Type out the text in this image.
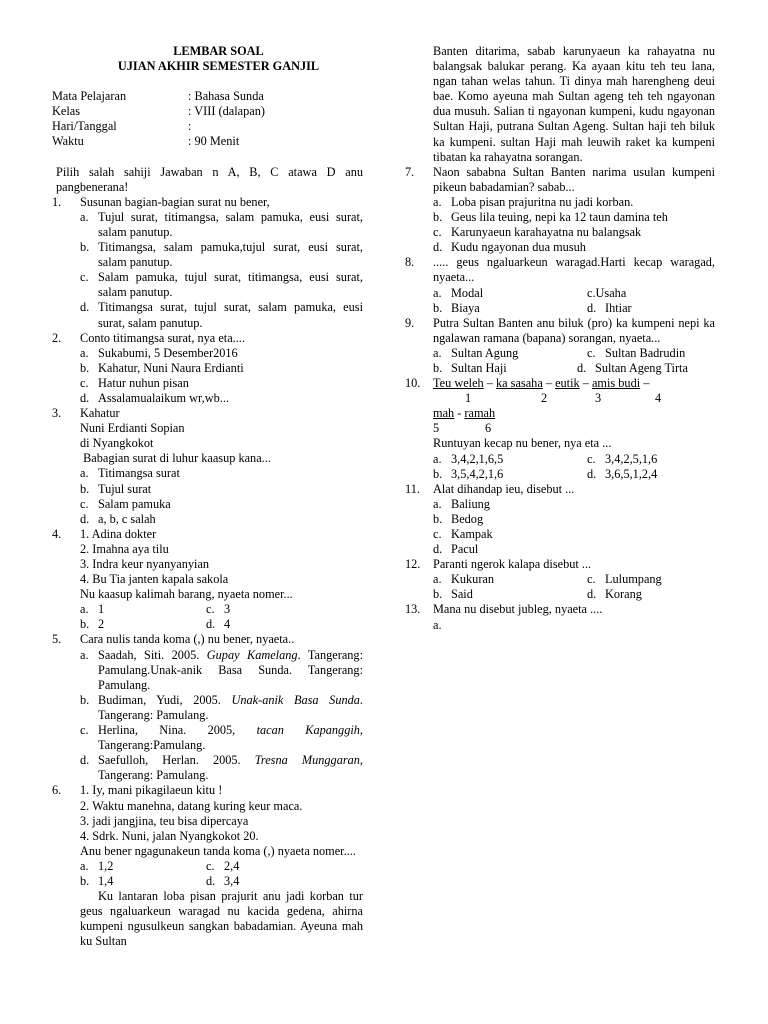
LEMBAR SOAL
UJIAN AKHIR SEMESTER GANJIL
Mata Pelajaran	: Bahasa Sunda
Kelas	: VIII (dalapan)
Hari/Tanggal	:
Waktu	: 90 Menit
Pilih salah sahiji Jawaban n A, B, C atawa D anu pangbenerana!
1.	Susunan bagian-bagian surat nu bener,
a. Tujul surat, titimangsa, salam pamuka, eusi surat, salam panutup.
b. Titimangsa, salam pamuka,tujul surat, eusi surat, salam panutup.
c. Salam pamuka, tujul surat, titimangsa, eusi surat, salam panutup.
d. Titimangsa surat, tujul surat, salam pamuka, eusi surat, salam panutup.
2.	Conto titimangsa surat, nya eta....
a. Sukabumi, 5 Desember2016
b. Kahatur, Nuni Naura Erdianti
c. Hatur nuhun pisan
d. Assalamualaikum wr,wb...
3.	Kahatur
Nuni Erdianti Sopian
di Nyangkokot
Babagian surat di luhur kaasup kana...
a. Titimangsa surat
b. Tujul surat
c. Salam pamuka
d. a, b, c salah
4.	1. Adina dokter
2. Imahna aya tilu
3. Indra keur nyanyanyian
4. Bu Tia janten kapala sakola
Nu kaasup kalimah barang, nyaeta nomer...
a. 1	c. 3
b. 2	d. 4
5.	Cara nulis tanda koma (,) nu bener, nyaeta..
a. Saadah, Siti. 2005. Gupay Kamelang. Tangerang: Pamulang.Unak-anik Basa Sunda. Tangerang: Pamulang.
b. Budiman, Yudi, 2005. Unak-anik Basa Sunda. Tangerang: Pamulang.
c. Herlina, Nina. 2005, tacan Kapanggih, Tangerang:Pamulang.
d. Saefulloh, Herlan. 2005. Tresna Munggaran, Tangerang: Pamulang.
6.	1. Iy, mani pikagilaeun kitu !
2. Waktu manehna, datang kuring keur maca.
3. jadi jangjina, teu bisa dipercaya
4. Sdrk. Nuni, jalan Nyangkokot 20.
Anu bener ngagunakeun tanda koma (,) nyaeta nomer....
a. 1,2	c. 2,4
b. 1,4	d. 3,4
Ku lantaran loba pisan prajurit anu jadi korban tur geus ngaluarkeun waragad nu kacida gedena, ahirna kumpeni ngusulkeun sangkan babadamian. Ayeuna mah ku Sultan
Banten ditarima, sabab karunyaeun ka rahayatna nu balangsak balukar perang. Ka ayaan kitu teh teu lana, ngan tahan welas tahun. Ti dinya mah harengheng deui bae. Komo ayeuna mah Sultan ageng teh teh ngayonan dua musuh. Salian ti ngayonan kumpeni, kudu ngayonan Sultan Haji, putrana Sultan Ageng. Sultan haji teh biluk ka kumpeni. sultan Haji mah leuwih raket ka kumpeni tibatan ka rahayatna sorangan.
7.	Naon sababna Sultan Banten narima usulan kumpeni pikeun babadamian? sabab...
a. Loba pisan prajuritna nu jadi korban.
b. Geus lila teuing, nepi ka 12 taun damina teh
c. Karunyaeun karahayatna nu balangsak
d. Kudu ngayonan dua musuh
8.	..... geus ngaluarkeun waragad.Harti kecap waragad, nyaeta...
a. Modal	c. Usaha
b. Biaya	d. Ihtiar
9.	Putra Sultan Banten anu biluk (pro) ka kumpeni nepi ka ngalawan ramana (bapana) sorangan, nyaeta...
a. Sultan Agung	c. Sultan Badrudin
b. Sultan Haji	d. Sultan Ageng Tirta
10.	Teu weleh – ka sasaha – eutik – amis budi –
1	2	3	4
mah - ramah
5	6
Runtuyan kecap nu bener, nya eta ...
a. 3,4,2,1,6,5	c. 3,4,2,5,1,6
b. 3,5,4,2,1,6	d. 3,6,5,1,2,4
11.	Alat dihandap ieu, disebut ...
a. Baliung
b. Bedog
c. Kampak
d. Pacul
12.	Paranti ngerok kalapa disebut ...
a. Kukuran	c. Lulumpang
b. Said	d. Korang
13.	Mana nu disebut jubleg, nyaeta ....
a.
